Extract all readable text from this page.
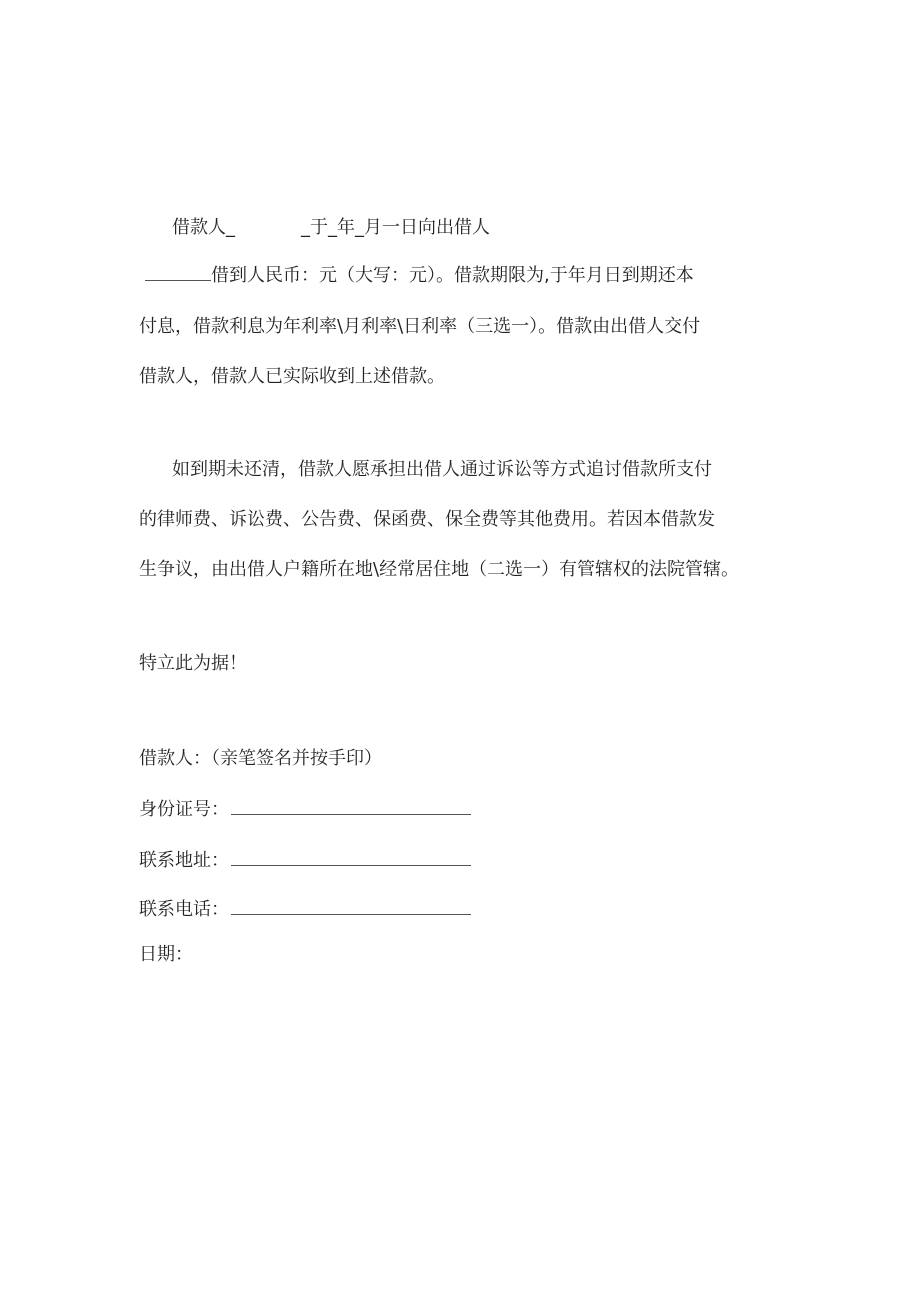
借款人_	_于_年_月一日向出借人
借到人民币：元（大写：元）。借款期限为,于年月日到期还本
付息，借款利息为年利率\月利率\日利率（三选一）。借款由出借人交付
借款人，借款人已实际收到上述借款。
如到期未还清，借款人愿承担出借人通过诉讼等方式追讨借款所支付
的律师费、诉讼费、公告费、保函费、保全费等其他费用。若因本借款发
生争议，由出借人户籍所在地\经常居住地（二选一）有管辖权的法院管辖。
特立此为据！
借款人：（亲笔签名并按手印）
身份证号：
联系地址：
联系电话：
日期：
